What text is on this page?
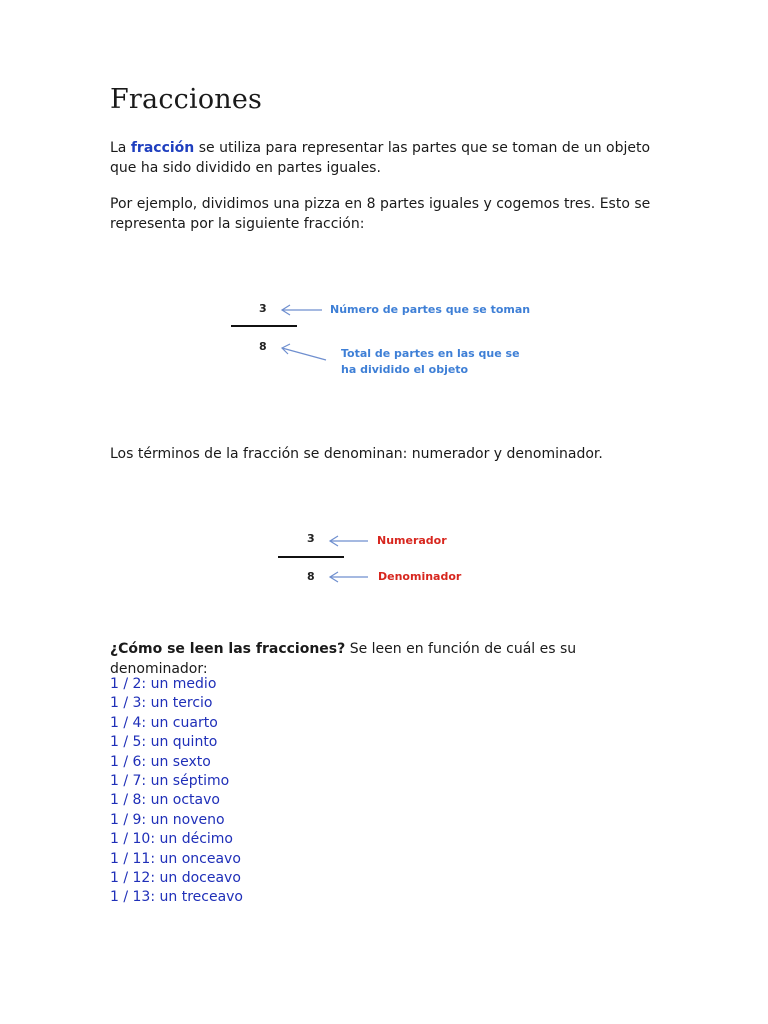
Fracciones

La fracción se utiliza para representar las partes que se toman de un objeto que ha sido dividido en partes iguales.

Por ejemplo, dividimos una pizza en 8 partes iguales y cogemos tres. Esto se representa por la siguiente fracción:

3
8
Número de partes que se toman
Total de partes en las que se
ha dividido el objeto

Los términos de la fracción se denominan: numerador y denominador.

3
8
Numerador
Denominador

¿Cómo se leen las fracciones? Se leen en función de cuál es su denominador:

1 / 2: un medio
1 / 3: un tercio
1 / 4: un cuarto
1 / 5: un quinto
1 / 6: un sexto
1 / 7: un séptimo
1 / 8: un octavo
1 / 9: un noveno
1 / 10: un décimo
1 / 11: un onceavo
1 / 12: un doceavo
1 / 13: un treceavo
